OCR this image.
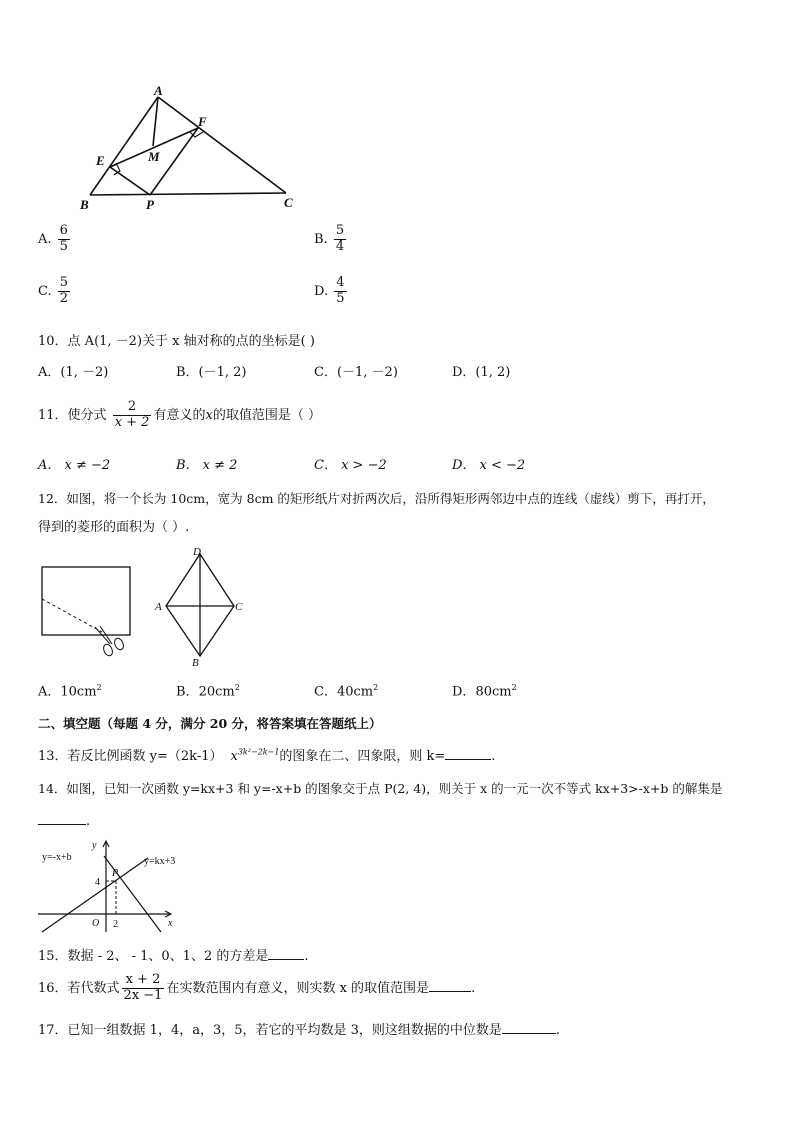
A
F
E	M
B	P	C
A. $\frac{6}{5}$	B. $\frac{5}{4}$
C. $\frac{5}{2}$	D. $\frac{4}{5}$
10．点 A(1, －2)关于 x 轴对称的点的坐标是( )
A．(1, －2)	B．(－1, 2)	C．(－1, －2)	D．(1, 2)
11．使分式 $\frac{2}{x + 2}$ 有意义的x的取值范围是（ ）
A． x ≠ −2	B． x ≠ 2	C． x > −2	D． x < −2
12．如图，将一个长为 10cm，宽为 8cm 的矩形纸片对折两次后，沿所得矩形两邻边中点的连线（虚线）剪下，再打开，
得到的菱形的面积为（ ）.
D
A	C
B
A．$10cm^2$	B．$20cm^2$	C．$40cm^2$	D．$80cm^2$
二、填空题（每题 4 分，满分 20 分，将答案填在答题纸上）
13．若反比例函数 y=（2k-1） $x^{3k^2-2k-1}$的图象在二、四象限，则 k=	.
14．如图，已知一次函数 y=kx+3 和 y=-x+b 的图象交于点 P(2, 4)，则关于 x 的一元一次不等式 kx+3>-x+b 的解集是
.
y=-x+b	y=kx+3
y
x
O
P
4
2
15．数据 - 2、 - 1、0、1、2 的方差是	.
16．若代数式 $\frac{x + 2}{2x -1}$ 在实数范围内有意义，则实数 x 的取值范围是	.
17．已知一组数据 1，4，a，3，5，若它的平均数是 3，则这组数据的中位数是	.
